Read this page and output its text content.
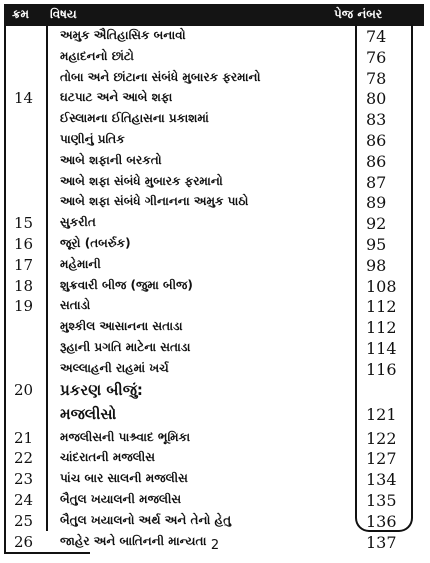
ક્રમ વિષય	પેજ નંબર
અમુક ઐતિહાસિક બનાવો	74
મહાદનનો છાંટો	76
તોબા અને છાંટાના સંબંધે મુબારક ફરમાનો	78
14 ઘટપાટ અને આબે શફા	80
ઈસ્લામના ઈતિહાસના પ્રકાશમાં	83
પાણીનું પ્રતિક	86
આબે શફાની બરકતો	86
આબે શફા સંબંધે મુબારક ફરમાનો	87
આબે શફા સંબંધે ગીનાનના અમુક પાઠો	89
15 સુકરીત	92
16 જૂરો (તબર્રુક)	95
17 મહેમાની	98
18 શુક્રવારી બીજ (જુમા બીજ)	108
19 સતાડો	112
મુશ્કીલ આસાનના સતાડા	112
રૂહાની પ્રગતિ માટેના સતાડા	114
અલ્લાહની રાહમાં ખર્ચ	116
20 પ્રકરણ બીજું:
મજલીસો	121
21 મજલીસની પાશ્ર્વાદ ભૂમિકા	122
22 ચાંદરાતની મજલીસ	127
23 પાંચ બાર સાલની મજલીસ	134
24 બૈતુલ ખયાલની મજલીસ	135
25 બૈતુલ ખયાલનો અર્થ અને તેનો હેતુ	136
26 જાહેર અને બાતિનની માન્યતા	137
2
